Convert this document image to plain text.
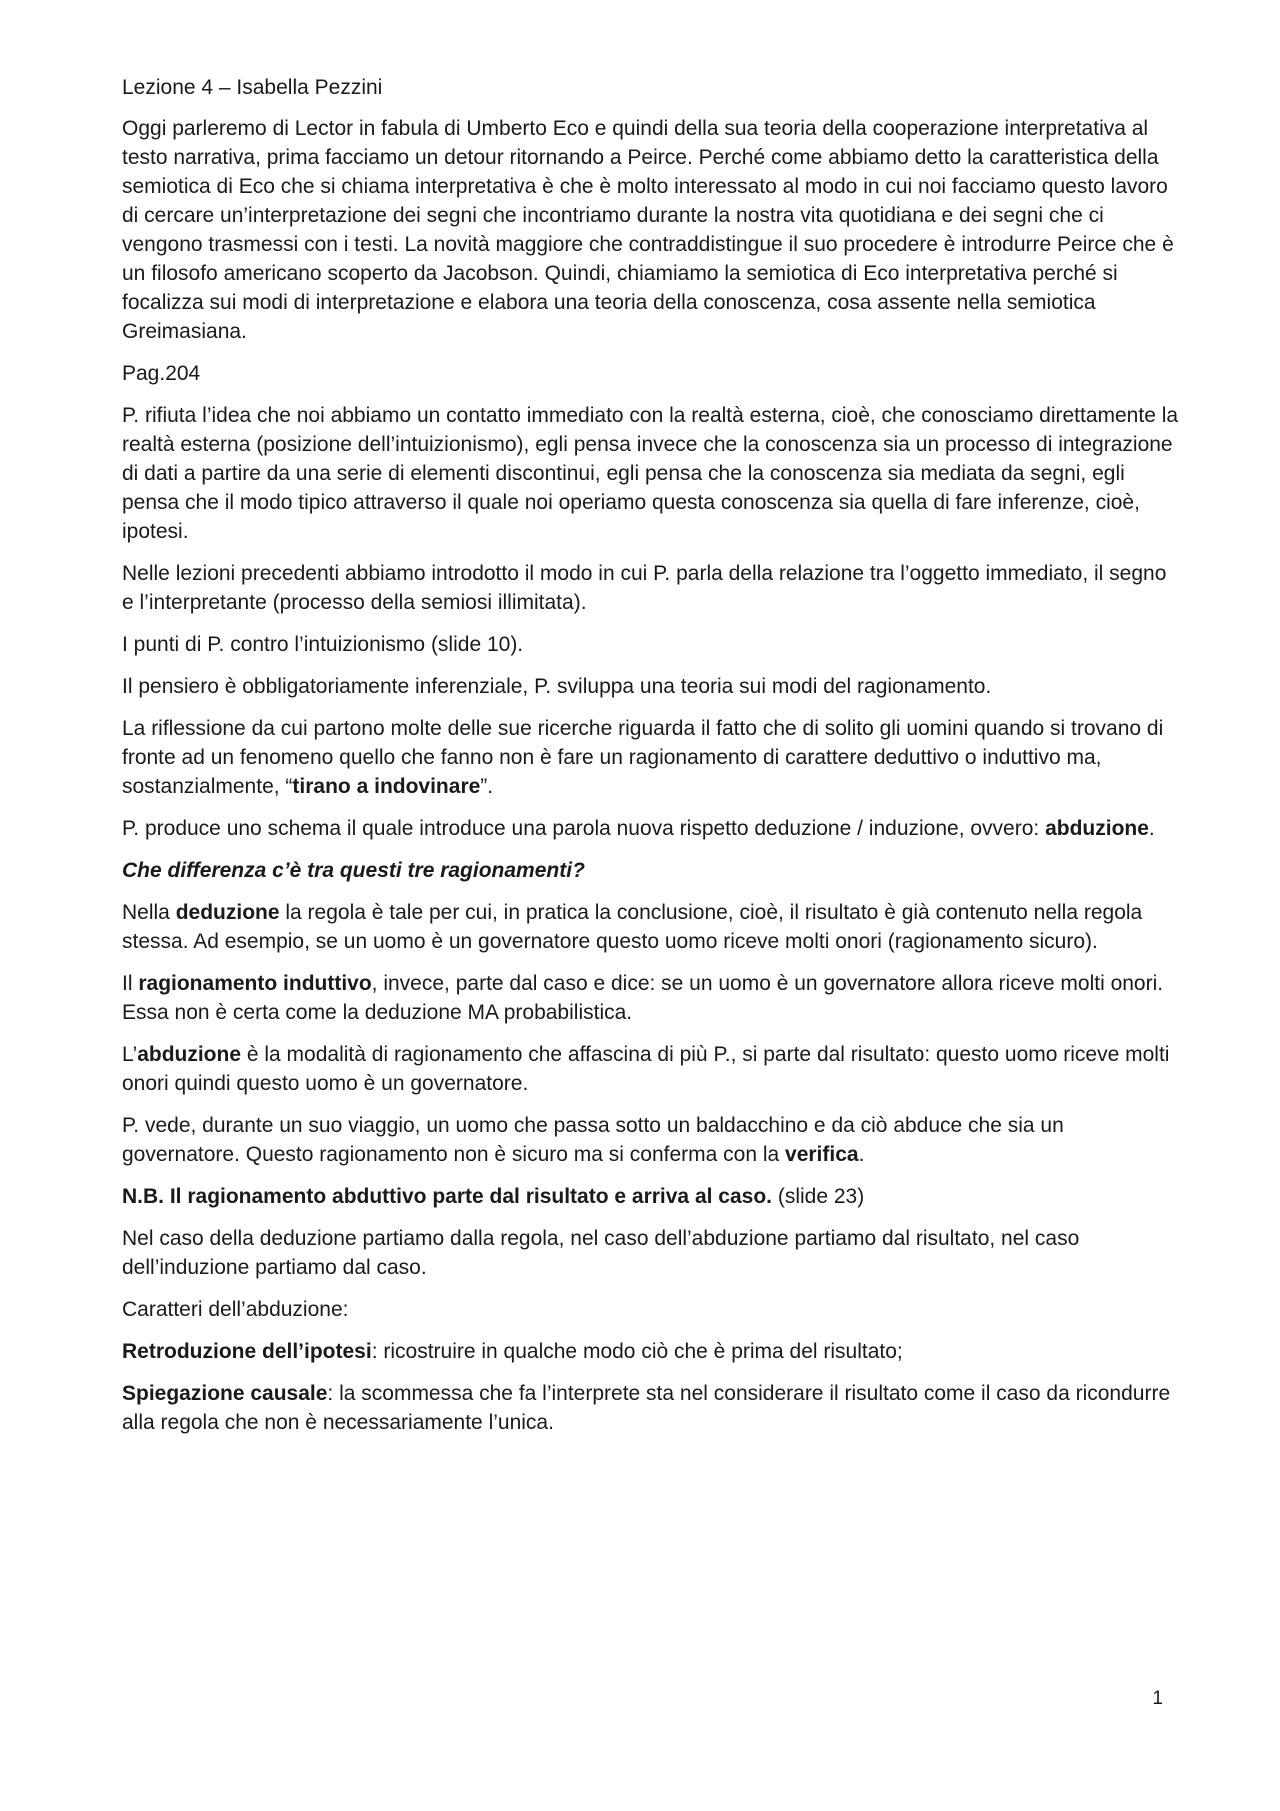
Lezione 4 – Isabella Pezzini

Oggi parleremo di Lector in fabula di Umberto Eco e quindi della sua teoria della cooperazione interpretativa al testo narrativa, prima facciamo un detour ritornando a Peirce. Perché come abbiamo detto la caratteristica della semiotica di Eco che si chiama interpretativa è che è molto interessato al modo in cui noi facciamo questo lavoro di cercare un’interpretazione dei segni che incontriamo durante la nostra vita quotidiana e dei segni che ci vengono trasmessi con i testi. La novità maggiore che contraddistingue il suo procedere è introdurre Peirce che è un filosofo americano scoperto da Jacobson. Quindi, chiamiamo la semiotica di Eco interpretativa perché si focalizza sui modi di interpretazione e elabora una teoria della conoscenza, cosa assente nella semiotica Greimasiana.

Pag.204

P. rifiuta l’idea che noi abbiamo un contatto immediato con la realtà esterna, cioè, che conosciamo direttamente la realtà esterna (posizione dell’intuizionismo), egli pensa invece che la conoscenza sia un processo di integrazione di dati a partire da una serie di elementi discontinui, egli pensa che la conoscenza sia mediata da segni, egli pensa che il modo tipico attraverso il quale noi operiamo questa conoscenza sia quella di fare inferenze, cioè, ipotesi.

Nelle lezioni precedenti abbiamo introdotto il modo in cui P. parla della relazione tra l’oggetto immediato, il segno e l’interpretante (processo della semiosi illimitata).

I punti di P. contro l’intuizionismo (slide 10).

Il pensiero è obbligatoriamente inferenziale, P. sviluppa una teoria sui modi del ragionamento.

La riflessione da cui partono molte delle sue ricerche riguarda il fatto che di solito gli uomini quando si trovano di fronte ad un fenomeno quello che fanno non è fare un ragionamento di carattere deduttivo o induttivo ma, sostanzialmente, “tirano a indovinare”.

P. produce uno schema il quale introduce una parola nuova rispetto deduzione / induzione, ovvero: abduzione.

Che differenza c’è tra questi tre ragionamenti?

Nella deduzione la regola è tale per cui, in pratica la conclusione, cioè, il risultato è già contenuto nella regola stessa. Ad esempio, se un uomo è un governatore questo uomo riceve molti onori (ragionamento sicuro).

Il ragionamento induttivo, invece, parte dal caso e dice: se un uomo è un governatore allora riceve molti onori. Essa non è certa come la deduzione MA probabilistica.

L’abduzione è la modalità di ragionamento che affascina di più P., si parte dal risultato: questo uomo riceve molti onori quindi questo uomo è un governatore.

P. vede, durante un suo viaggio, un uomo che passa sotto un baldacchino e da ciò abduce che sia un governatore. Questo ragionamento non è sicuro ma si conferma con la verifica.

N.B. Il ragionamento abduttivo parte dal risultato e arriva al caso. (slide 23)

Nel caso della deduzione partiamo dalla regola, nel caso dell’abduzione partiamo dal risultato, nel caso dell’induzione partiamo dal caso.

Caratteri dell’abduzione:

Retroduzione dell’ipotesi: ricostruire in qualche modo ciò che è prima del risultato;

Spiegazione causale: la scommessa che fa l’interprete sta nel considerare il risultato come il caso da ricondurre alla regola che non è necessariamente l’unica.

1
